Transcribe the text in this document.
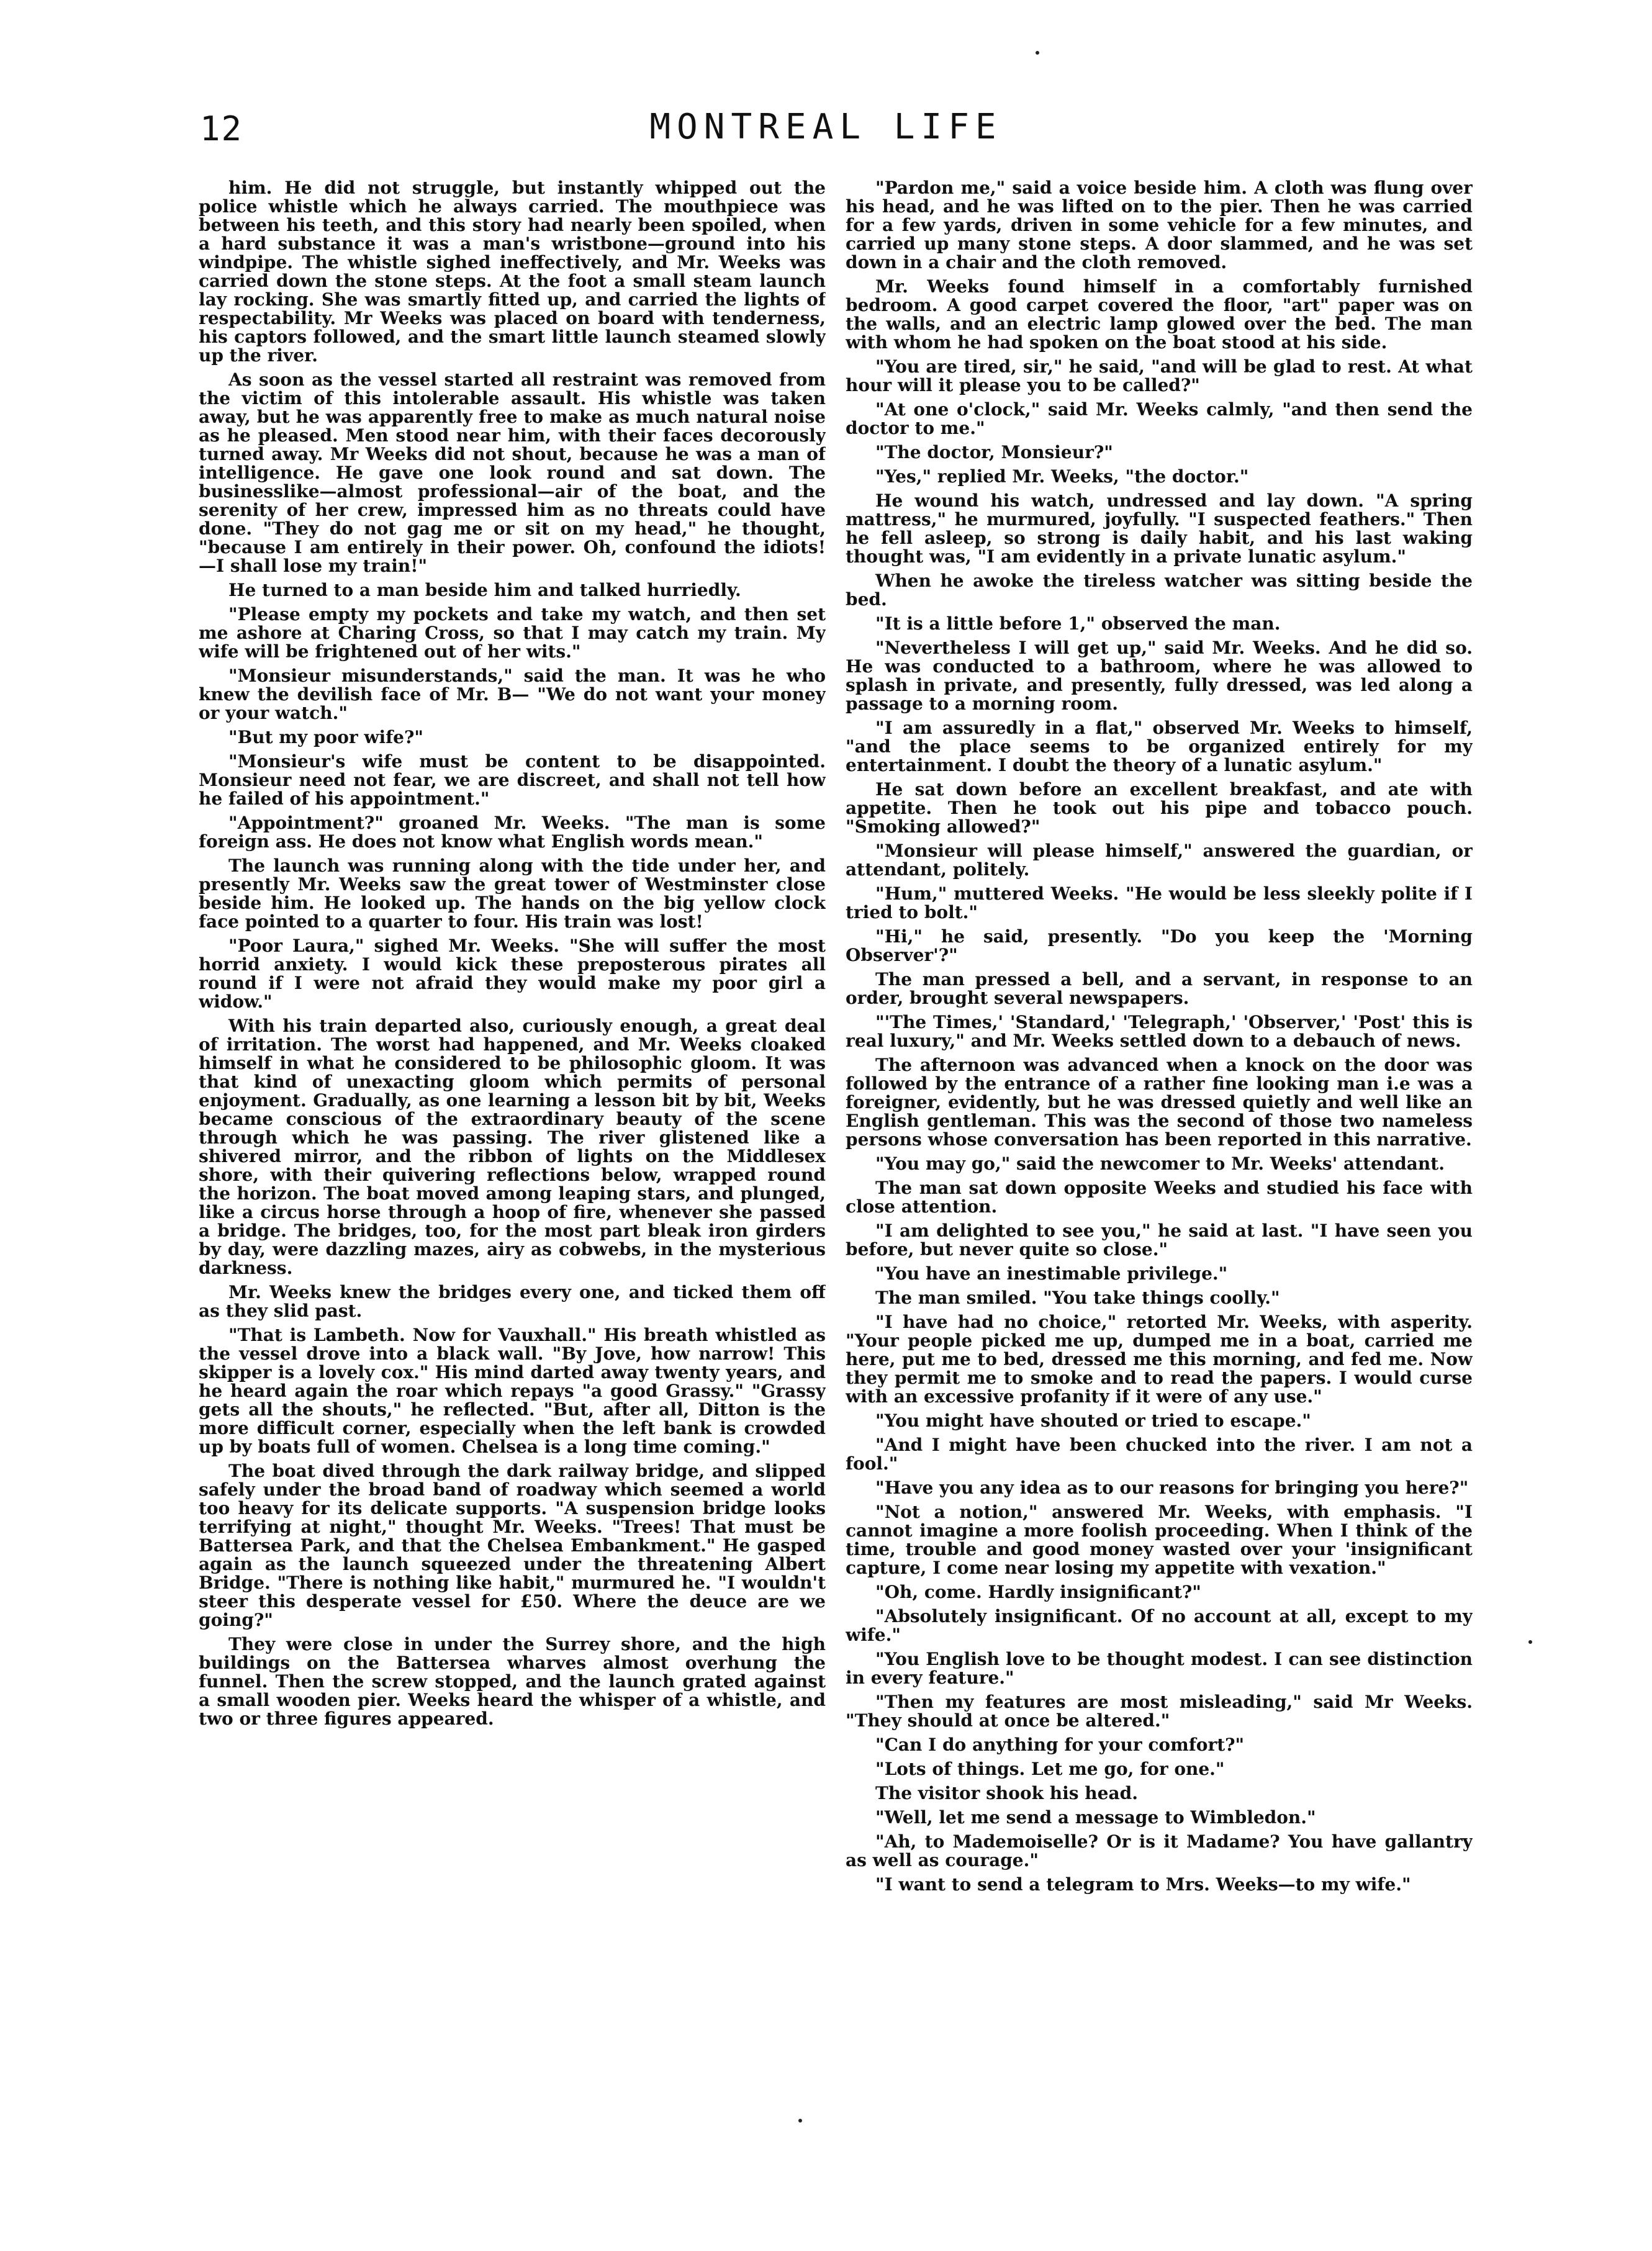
12	MONTREAL LIFE

him. He did not struggle, but instantly whipped out the police whistle which he always carried. The mouthpiece was between his teeth, and this story had nearly been spoiled, when a hard substance it was a man's wristbone—ground into his windpipe. The whistle sighed ineffectively, and Mr. Weeks was carried down the stone steps. At the foot a small steam launch lay rocking. She was smartly fitted up, and carried the lights of respectability. Mr Weeks was placed on board with tenderness, his captors followed, and the smart little launch steamed slowly up the river.

As soon as the vessel started all restraint was removed from the victim of this intolerable assault. His whistle was taken away, but he was apparently free to make as much natural noise as he pleased. Men stood near him, with their faces decorously turned away. Mr Weeks did not shout, because he was a man of intelligence. He gave one look round and sat down. The businesslike—almost professional—air of the boat, and the serenity of her crew, impressed him as no threats could have done. "They do not gag me or sit on my head," he thought, "because I am entirely in their power. Oh, confound the idiots!—I shall lose my train!"

He turned to a man beside him and talked hurriedly.

"Please empty my pockets and take my watch, and then set me ashore at Charing Cross, so that I may catch my train. My wife will be frightened out of her wits."

"Monsieur misunderstands," said the man. It was he who knew the devilish face of Mr. B— "We do not want your money or your watch."

"But my poor wife?"

"Monsieur's wife must be content to be disappointed. Monsieur need not fear, we are discreet, and shall not tell how he failed of his appointment."

"Appointment?" groaned Mr. Weeks. "The man is some foreign ass. He does not know what English words mean."

The launch was running along with the tide under her, and presently Mr. Weeks saw the great tower of Westminster close beside him. He looked up. The hands on the big yellow clock face pointed to a quarter to four. His train was lost!

"Poor Laura," sighed Mr. Weeks. "She will suffer the most horrid anxiety. I would kick these preposterous pirates all round if I were not afraid they would make my poor girl a widow."

With his train departed also, curiously enough, a great deal of irritation. The worst had happened, and Mr. Weeks cloaked himself in what he considered to be philosophic gloom. It was that kind of unexacting gloom which permits of personal enjoyment. Gradually, as one learning a lesson bit by bit, Weeks became conscious of the extraordinary beauty of the scene through which he was passing. The river glistened like a shivered mirror, and the ribbon of lights on the Middlesex shore, with their quivering reflections below, wrapped round the horizon. The boat moved among leaping stars, and plunged, like a circus horse through a hoop of fire, whenever she passed a bridge. The bridges, too, for the most part bleak iron girders by day, were dazzling mazes, airy as cobwebs, in the mysterious darkness.

Mr. Weeks knew the bridges every one, and ticked them off as they slid past.

"That is Lambeth. Now for Vauxhall." His breath whistled as the vessel drove into a black wall. "By Jove, how narrow! This skipper is a lovely cox." His mind darted away twenty years, and he heard again the roar which repays "a good Grassy." "Grassy gets all the shouts," he reflected. "But, after all, Ditton is the more difficult corner, especially when the left bank is crowded up by boats full of women. Chelsea is a long time coming."

The boat dived through the dark railway bridge, and slipped safely under the broad band of roadway which seemed a world too heavy for its delicate supports. "A suspension bridge looks terrifying at night," thought Mr. Weeks. "Trees! That must be Battersea Park, and that the Chelsea Embankment." He gasped again as the launch squeezed under the threatening Albert Bridge. "There is nothing like habit," murmured he. "I wouldn't steer this desperate vessel for £50. Where the deuce are we going?"

They were close in under the Surrey shore, and the high buildings on the Battersea wharves almost overhung the funnel. Then the screw stopped, and the launch grated against a small wooden pier. Weeks heard the whisper of a whistle, and two or three figures appeared.

"Pardon me," said a voice beside him. A cloth was flung over his head, and he was lifted on to the pier. Then he was carried for a few yards, driven in some vehicle for a few minutes, and carried up many stone steps. A door slammed, and he was set down in a chair and the cloth removed.

Mr. Weeks found himself in a comfortably furnished bedroom. A good carpet covered the floor, "art" paper was on the walls, and an electric lamp glowed over the bed. The man with whom he had spoken on the boat stood at his side.

"You are tired, sir," he said, "and will be glad to rest. At what hour will it please you to be called?"

"At one o'clock," said Mr. Weeks calmly, "and then send the doctor to me."

"The doctor, Monsieur?"

"Yes," replied Mr. Weeks, "the doctor."

He wound his watch, undressed and lay down. "A spring mattress," he murmured, joyfully. "I suspected feathers." Then he fell asleep, so strong is daily habit, and his last waking thought was, "I am evidently in a private lunatic asylum."

When he awoke the tireless watcher was sitting beside the bed.

"It is a little before 1," observed the man.

"Nevertheless I will get up," said Mr. Weeks. And he did so. He was conducted to a bathroom, where he was allowed to splash in private, and presently, fully dressed, was led along a passage to a morning room.

"I am assuredly in a flat," observed Mr. Weeks to himself, "and the place seems to be organized entirely for my entertainment. I doubt the theory of a lunatic asylum."

He sat down before an excellent breakfast, and ate with appetite. Then he took out his pipe and tobacco pouch. "Smoking allowed?"

"Monsieur will please himself," answered the guardian, or attendant, politely.

"Hum," muttered Weeks. "He would be less sleekly polite if I tried to bolt."

"Hi," he said, presently. "Do you keep the 'Morning Observer'?"

The man pressed a bell, and a servant, in response to an order, brought several newspapers.

"'The Times,' 'Standard,' 'Telegraph,' 'Observer,' 'Post' this is real luxury," and Mr. Weeks settled down to a debauch of news.

The afternoon was advanced when a knock on the door was followed by the entrance of a rather fine looking man i.e was a foreigner, evidently, but he was dressed quietly and well like an English gentleman. This was the second of those two nameless persons whose conversation has been reported in this narrative.

"You may go," said the newcomer to Mr. Weeks' attendant.

The man sat down opposite Weeks and studied his face with close attention.

"I am delighted to see you," he said at last. "I have seen you before, but never quite so close."

"You have an inestimable privilege."

The man smiled. "You take things coolly."

"I have had no choice," retorted Mr. Weeks, with asperity. "Your people picked me up, dumped me in a boat, carried me here, put me to bed, dressed me this morning, and fed me. Now they permit me to smoke and to read the papers. I would curse with an excessive profanity if it were of any use."

"You might have shouted or tried to escape."

"And I might have been chucked into the river. I am not a fool."

"Have you any idea as to our reasons for bringing you here?"

"Not a notion," answered Mr. Weeks, with emphasis. "I cannot imagine a more foolish proceeding. When I think of the time, trouble and good money wasted over your 'insignificant capture, I come near losing my appetite with vexation."

"Oh, come. Hardly insignificant?"

"Absolutely insignificant. Of no account at all, except to my wife."

"You English love to be thought modest. I can see distinction in every feature."

"Then my features are most misleading," said Mr Weeks. "They should at once be altered."

"Can I do anything for your comfort?"

"Lots of things. Let me go, for one."

The visitor shook his head.

"Well, let me send a message to Wimbledon."

"Ah, to Mademoiselle? Or is it Madame? You have gallantry as well as courage."

"I want to send a telegram to Mrs. Weeks—to my wife."
